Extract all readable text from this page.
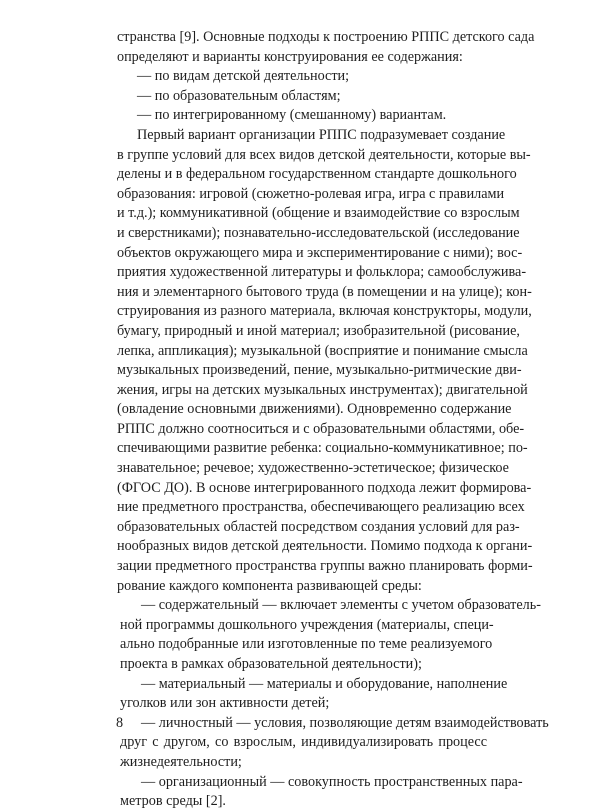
странства [9]. Основные подходы к построению РППС детского сада
определяют и варианты конструирования ее содержания:
— по видам детской деятельности;
— по образовательным областям;
— по интегрированному (смешанному) вариантам.
Первый вариант организации РППС подразумевает создание
в группе условий для всех видов детской деятельности, которые вы-
делены и в федеральном государственном стандарте дошкольного
образования: игровой (сюжетно-ролевая игра, игра с правилами
и т.д.); коммуникативной (общение и взаимодействие со взрослым
и сверстниками); познавательно-исследовательской (исследование
объектов окружающего мира и экспериментирование с ними); вос-
приятия художественной литературы и фольклора; самообслужива-
ния и элементарного бытового труда (в помещении и на улице); кон-
струирования из разного материала, включая конструкторы, модули,
бумагу, природный и иной материал; изобразительной (рисование,
лепка, аппликация); музыкальной (восприятие и понимание смысла
музыкальных произведений, пение, музыкально-ритмические дви-
жения, игры на детских музыкальных инструментах); двигательной
(овладение основными движениями). Одновременно содержание
РППС должно соотноситься и с образовательными областями, обе-
спечивающими развитие ребенка: социально-коммуникативное; по-
знавательное; речевое; художественно-эстетическое; физическое
(ФГОС ДО). В основе интегрированного подхода лежит формирова-
ние предметного пространства, обеспечивающего реализацию всех
образовательных областей посредством создания условий для раз-
нообразных видов детской деятельности. Помимо подхода к органи-
зации предметного пространства группы важно планировать форми-
рование каждого компонента развивающей среды:
— содержательный — включает элементы с учетом образователь-
ной программы дошкольного учреждения (материалы, специ-
ально подобранные или изготовленные по теме реализуемого
проекта в рамках образовательной деятельности);
— материальный — материалы и оборудование, наполнение
уголков или зон активности детей;
— личностный — условия, позволяющие детям взаимодействовать
друг с другом, со взрослым, индивидуализировать процесс
жизнедеятельности;
— организационный — совокупность пространственных пара-
метров среды [2].
8
